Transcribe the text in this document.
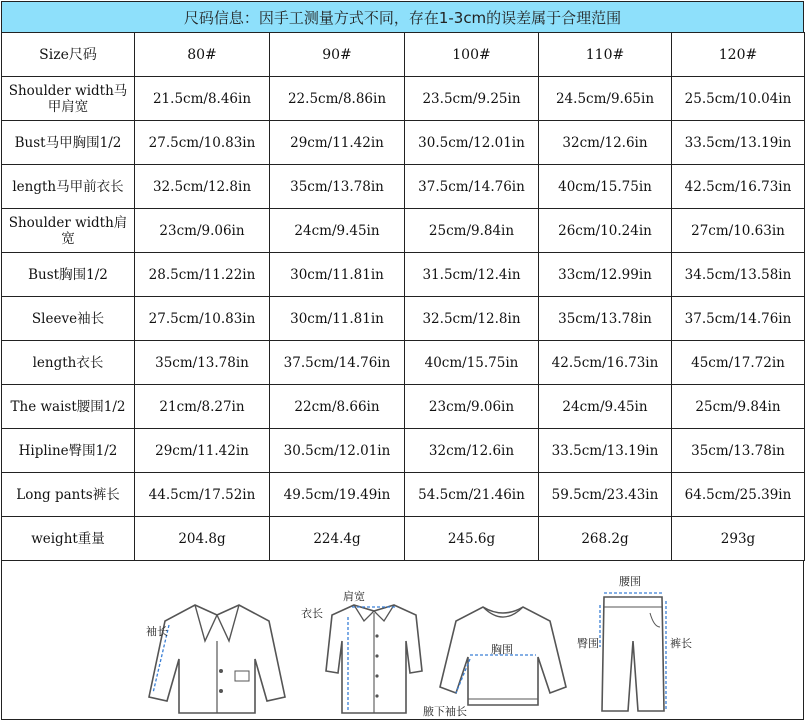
尺码信息：因手工测量方式不同，存在1-3cm的误差属于合理范围
Size尺码	80#	90#	100#	110#	120#
Shoulder width马甲肩宽	21.5cm/8.46in	22.5cm/8.86in	23.5cm/9.25in	24.5cm/9.65in	25.5cm/10.04in
Bust马甲胸围1/2	27.5cm/10.83in	29cm/11.42in	30.5cm/12.01in	32cm/12.6in	33.5cm/13.19in
length马甲前衣长	32.5cm/12.8in	35cm/13.78in	37.5cm/14.76in	40cm/15.75in	42.5cm/16.73in
Shoulder width肩宽	23cm/9.06in	24cm/9.45in	25cm/9.84in	26cm/10.24in	27cm/10.63in
Bust胸围1/2	28.5cm/11.22in	30cm/11.81in	31.5cm/12.4in	33cm/12.99in	34.5cm/13.58in
Sleeve袖长	27.5cm/10.83in	30cm/11.81in	32.5cm/12.8in	35cm/13.78in	37.5cm/14.76in
length衣长	35cm/13.78in	37.5cm/14.76in	40cm/15.75in	42.5cm/16.73in	45cm/17.72in
The waist腰围1/2	21cm/8.27in	22cm/8.66in	23cm/9.06in	24cm/9.45in	25cm/9.84in
Hipline臀围1/2	29cm/11.42in	30.5cm/12.01in	32cm/12.6in	33.5cm/13.19in	35cm/13.78in
Long pants裤长	44.5cm/17.52in	49.5cm/19.49in	54.5cm/21.46in	59.5cm/23.43in	64.5cm/25.39in
weight重量	204.8g	224.4g	245.6g	268.2g	293g
袖长
肩宽
衣长
胸围
腋下袖长
腰围
臀围	裤长
